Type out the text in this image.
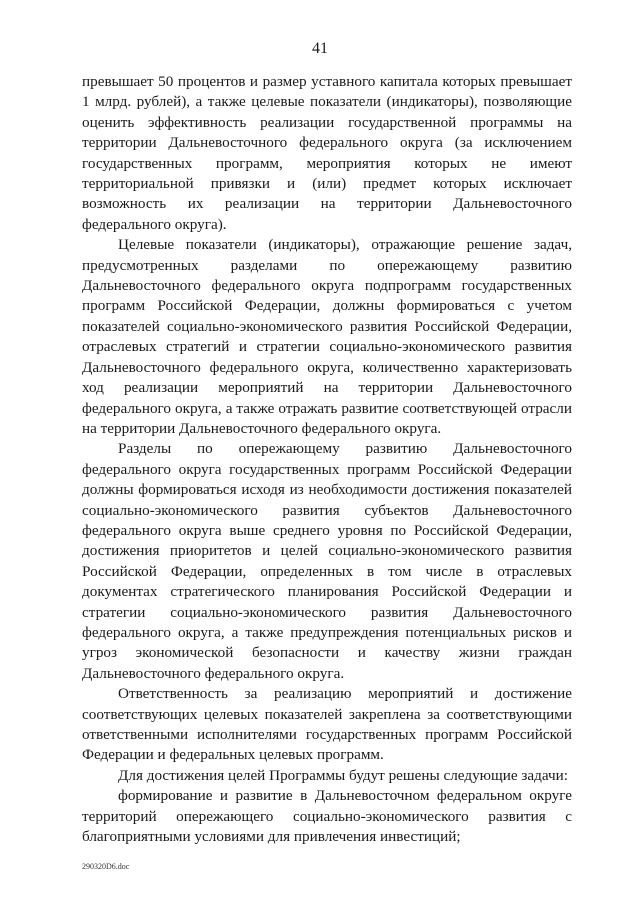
41

превышает 50 процентов и размер уставного капитала которых превышает 1 млрд. рублей), а также целевые показатели (индикаторы), позволяющие оценить эффективность реализации государственной программы на территории Дальневосточного федерального округа (за исключением государственных программ, мероприятия которых не имеют территориальной привязки и (или) предмет которых исключает возможность их реализации на территории Дальневосточного федерального округа).

Целевые показатели (индикаторы), отражающие решение задач, предусмотренных разделами по опережающему развитию Дальневосточного федерального округа подпрограмм государственных программ Российской Федерации, должны формироваться с учетом показателей социально-экономического развития Российской Федерации, отраслевых стратегий и стратегии социально-экономического развития Дальневосточного федерального округа, количественно характеризовать ход реализации мероприятий на территории Дальневосточного федерального округа, а также отражать развитие соответствующей отрасли на территории Дальневосточного федерального округа.

Разделы по опережающему развитию Дальневосточного федерального округа государственных программ Российской Федерации должны формироваться исходя из необходимости достижения показателей социально-экономического развития субъектов Дальневосточного федерального округа выше среднего уровня по Российской Федерации, достижения приоритетов и целей социально-экономического развития Российской Федерации, определенных в том числе в отраслевых документах стратегического планирования Российской Федерации и стратегии социально-экономического развития Дальневосточного федерального округа, а также предупреждения потенциальных рисков и угроз экономической безопасности и качеству жизни граждан Дальневосточного федерального округа.

Ответственность за реализацию мероприятий и достижение соответствующих целевых показателей закреплена за соответствующими ответственными исполнителями государственных программ Российской Федерации и федеральных целевых программ.

Для достижения целей Программы будут решены следующие задачи:

формирование и развитие в Дальневосточном федеральном округе территорий опережающего социально-экономического развития с благоприятными условиями для привлечения инвестиций;

290320D6.doc
